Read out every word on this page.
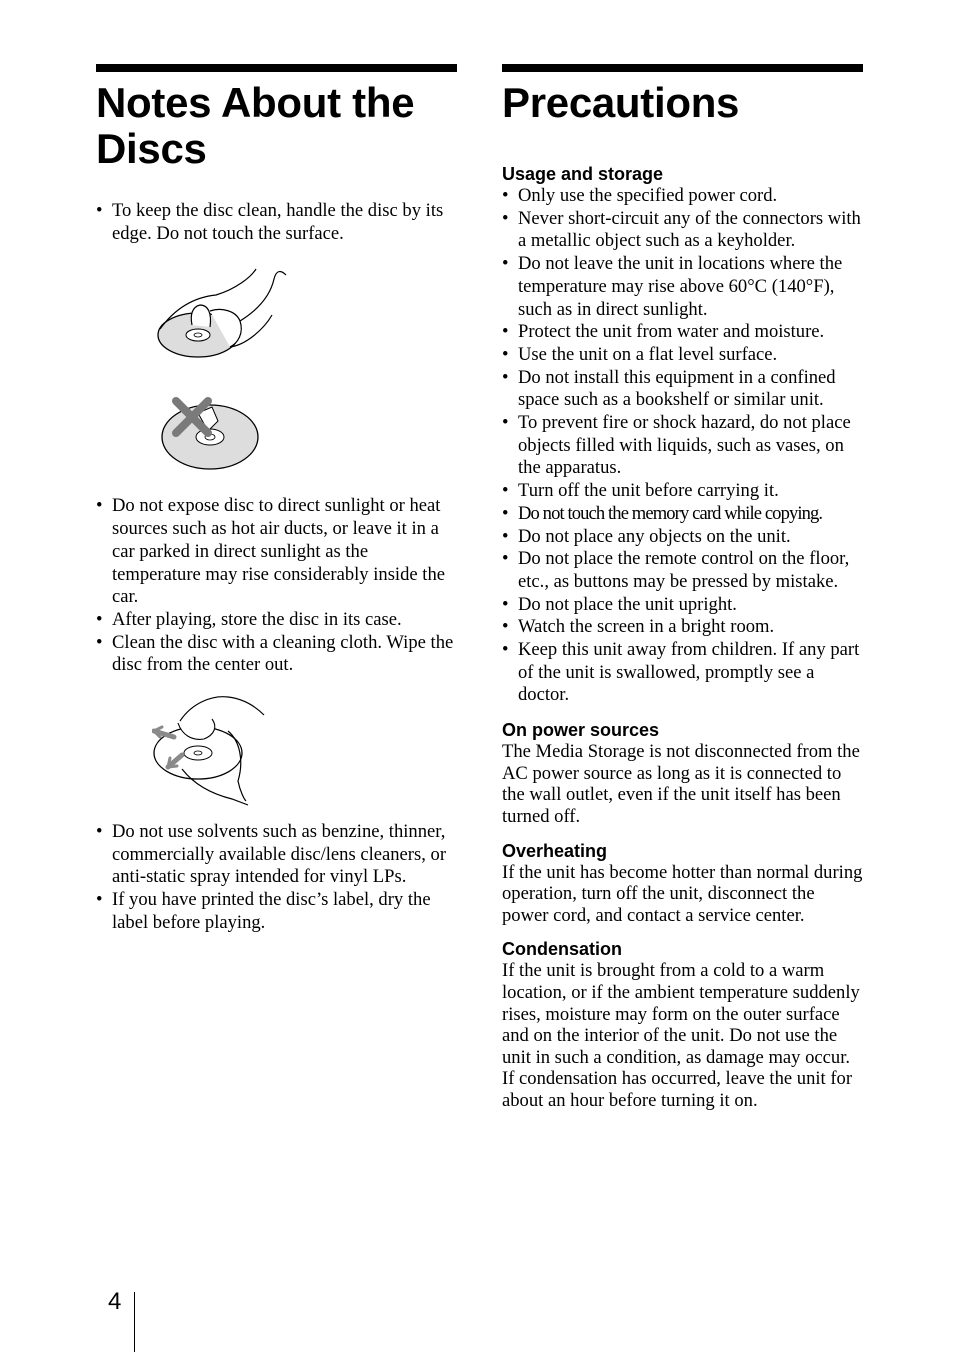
Notes About the
Discs
• To keep the disc clean, handle the disc by its edge. Do not touch the surface.
• Do not expose disc to direct sunlight or heat sources such as hot air ducts, or leave it in a car parked in direct sunlight as the temperature may rise considerably inside the car.
• After playing, store the disc in its case.
• Clean the disc with a cleaning cloth. Wipe the disc from the center out.
• Do not use solvents such as benzine, thinner, commercially available disc/lens cleaners, or anti-static spray intended for vinyl LPs.
• If you have printed the disc’s label, dry the label before playing.
Precautions
Usage and storage
• Only use the specified power cord.
• Never short-circuit any of the connectors with a metallic object such as a keyholder.
• Do not leave the unit in locations where the temperature may rise above 60°C (140°F), such as in direct sunlight.
• Protect the unit from water and moisture.
• Use the unit on a flat level surface.
• Do not install this equipment in a confined space such as a bookshelf or similar unit.
• To prevent fire or shock hazard, do not place objects filled with liquids, such as vases, on the apparatus.
• Turn off the unit before carrying it.
• Do not touch the memory card while copying.
• Do not place any objects on the unit.
• Do not place the remote control on the floor, etc., as buttons may be pressed by mistake.
• Do not place the unit upright.
• Watch the screen in a bright room.
• Keep this unit away from children. If any part of the unit is swallowed, promptly see a doctor.
On power sources

The Media Storage is not disconnected from the AC power source as long as it is connected to the wall outlet, even if the unit itself has been turned off.

Overheating

If the unit has become hotter than normal during operation, turn off the unit, disconnect the power cord, and contact a service center.

Condensation

If the unit is brought from a cold to a warm location, or if the ambient temperature suddenly rises, moisture may form on the outer surface and on the interior of the unit. Do not use the unit in such a condition, as damage may occur. If condensation has occurred, leave the unit for about an hour before turning it on.

4
